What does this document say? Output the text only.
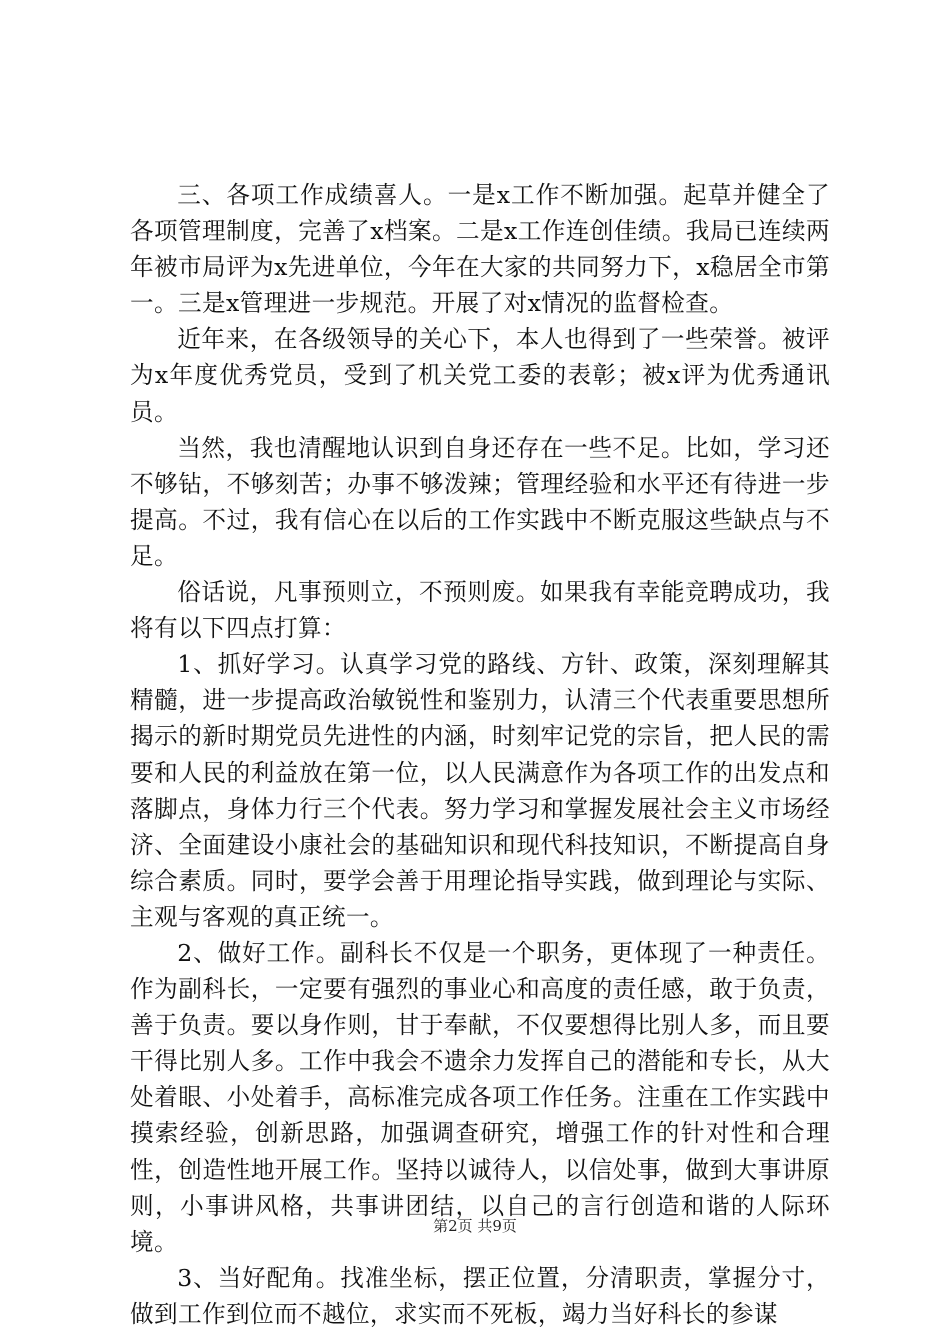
三、各项工作成绩喜人。一是x工作不断加强。起草并健全了各项管理制度，完善了x档案。二是x工作连创佳绩。我局已连续两年被市局评为x先进单位，今年在大家的共同努力下，x稳居全市第一。三是x管理进一步规范。开展了对x情况的监督检查。

近年来，在各级领导的关心下，本人也得到了一些荣誉。被评为x年度优秀党员，受到了机关党工委的表彰；被x评为优秀通讯员。

当然，我也清醒地认识到自身还存在一些不足。比如，学习还不够钻，不够刻苦；办事不够泼辣；管理经验和水平还有待进一步提高。不过，我有信心在以后的工作实践中不断克服这些缺点与不足。

俗话说，凡事预则立，不预则废。如果我有幸能竞聘成功，我将有以下四点打算：

1、抓好学习。认真学习党的路线、方针、政策，深刻理解其精髓，进一步提高政治敏锐性和鉴别力，认清三个代表重要思想所揭示的新时期党员先进性的内涵，时刻牢记党的宗旨，把人民的需要和人民的利益放在第一位，以人民满意作为各项工作的出发点和落脚点，身体力行三个代表。努力学习和掌握发展社会主义市场经济、全面建设小康社会的基础知识和现代科技知识，不断提高自身综合素质。同时，要学会善于用理论指导实践，做到理论与实际、主观与客观的真正统一。

2、做好工作。副科长不仅是一个职务，更体现了一种责任。作为副科长，一定要有强烈的事业心和高度的责任感，敢于负责，善于负责。要以身作则，甘于奉献，不仅要想得比别人多，而且要干得比别人多。工作中我会不遗余力发挥自己的潜能和专长，从大处着眼、小处着手，高标准完成各项工作任务。注重在工作实践中摸索经验，创新思路，加强调查研究，增强工作的针对性和合理性，创造性地开展工作。坚持以诚待人，以信处事，做到大事讲原则，小事讲风格，共事讲团结，以自己的言行创造和谐的人际环境。

3、当好配角。找准坐标，摆正位置，分清职责，掌握分寸，做到工作到位而不越位，求实而不死板，竭力当好科长的参谋

第2页 共9页
